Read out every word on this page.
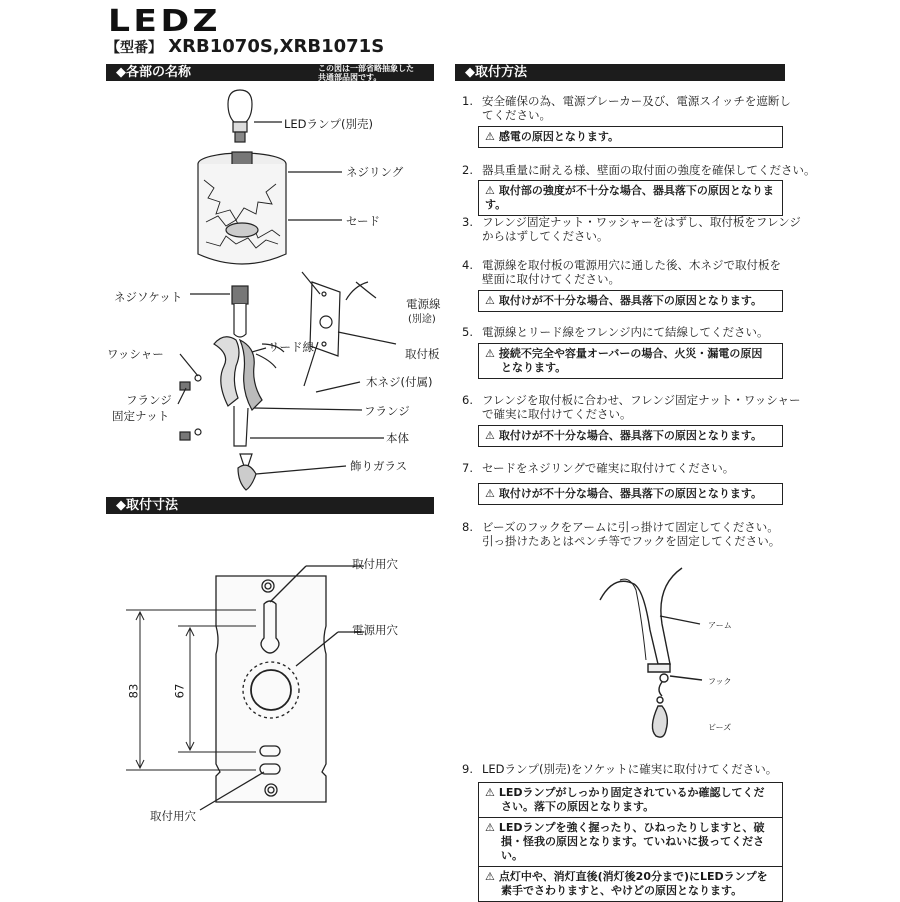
LEDZ
【型番】 XRB1070S,XRB1071S
◆各部の名称	この図は一部省略抽象した
共通部品図です。
LEDランプ(別売)
ネジリング
セード
ネジソケット	電源線
(別途)
リード線	取付板
ワッシャー
木ネジ(付属)
フランジ
固定ナット	フランジ
本体
飾りガラス
◆取付寸法
取付用穴
電源用穴
取付用穴
83	67
◆取付方法
1. 安全確保の為、電源ブレーカー及び、電源スイッチを遮断し
てください。
⚠ 感電の原因となります。
2. 器具重量に耐える様、壁面の取付面の強度を確保してください。
⚠ 取付部の強度が不十分な場合、器具落下の原因となります。
3. フレンジ固定ナット・ワッシャーをはずし、取付板をフレンジ
からはずしてください。
4. 電源線を取付板の電源用穴に通した後、木ネジで取付板を
壁面に取付けてください。
⚠ 取付けが不十分な場合、器具落下の原因となります。
5. 電源線とリード線をフレンジ内にて結線してください。
⚠ 接続不完全や容量オーバーの場合、火災・漏電の原因
となります。
6. フレンジを取付板に合わせ、フレンジ固定ナット・ワッシャー
で確実に取付けてください。
⚠ 取付けが不十分な場合、器具落下の原因となります。
7. セードをネジリングで確実に取付けてください。
⚠ 取付けが不十分な場合、器具落下の原因となります。
8. ビーズのフックをアームに引っ掛けて固定してください。
引っ掛けたあとはペンチ等でフックを固定してください。
アーム
フック
ビーズ
9. LEDランプ(別売)をソケットに確実に取付けてください。
⚠ LEDランプがしっかり固定されているか確認してくだ
さい。落下の原因となります。
⚠ LEDランプを強く握ったり、ひねったりしますと、破
損・怪我の原因となります。ていねいに扱ってください。
⚠ 点灯中や、消灯直後(消灯後20分まで)にLEDランプを
素手でさわりますと、やけどの原因となります。
